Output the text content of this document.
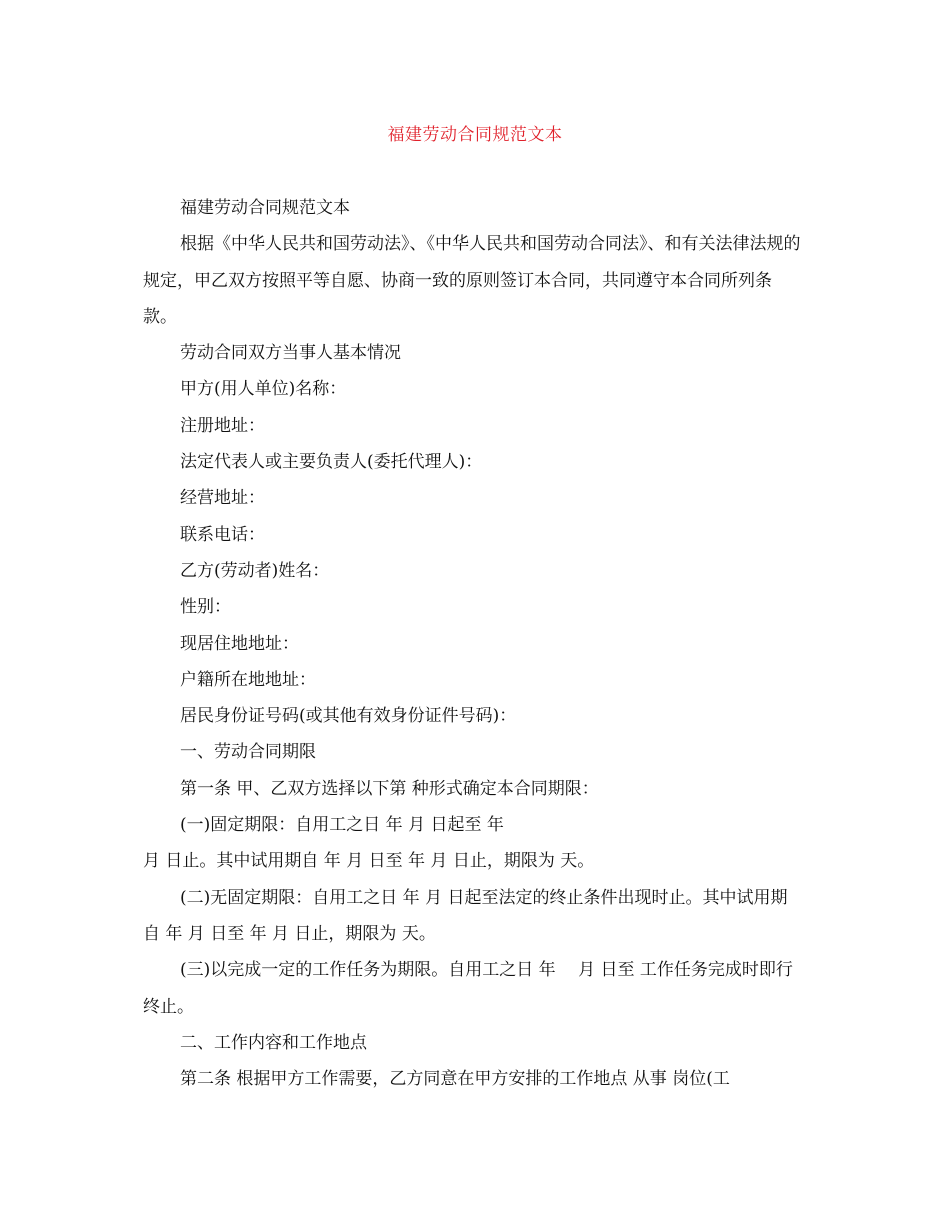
福建劳动合同规范文本

福建劳动合同规范文本

根据《中华人民共和国劳动法》、《中华人民共和国劳动合同法》、和有关法律法规的规定，甲乙双方按照平等自愿、协商一致的原则签订本合同，共同遵守本合同所列条款。

劳动合同双方当事人基本情况

甲方(用人单位)名称：

注册地址：

法定代表人或主要负责人(委托代理人)：

经营地址：

联系电话：

乙方(劳动者)姓名：

性别：

现居住地地址：

户籍所在地地址：

居民身份证号码(或其他有效身份证件号码)：

一、劳动合同期限

第一条 甲、乙双方选择以下第 种形式确定本合同期限：

(一)固定期限：自用工之日 年 月 日起至 年

月 日止。其中试用期自 年 月 日至 年 月 日止，期限为 天。

(二)无固定期限：自用工之日 年 月 日起至法定的终止条件出现时止。其中试用期自 年 月 日至 年 月 日止，期限为 天。

(三)以完成一定的工作任务为期限。自用工之日 年　 月 日至 工作任务完成时即行终止。

二、工作内容和工作地点

第二条 根据甲方工作需要，乙方同意在甲方安排的工作地点 从事 岗位(工
